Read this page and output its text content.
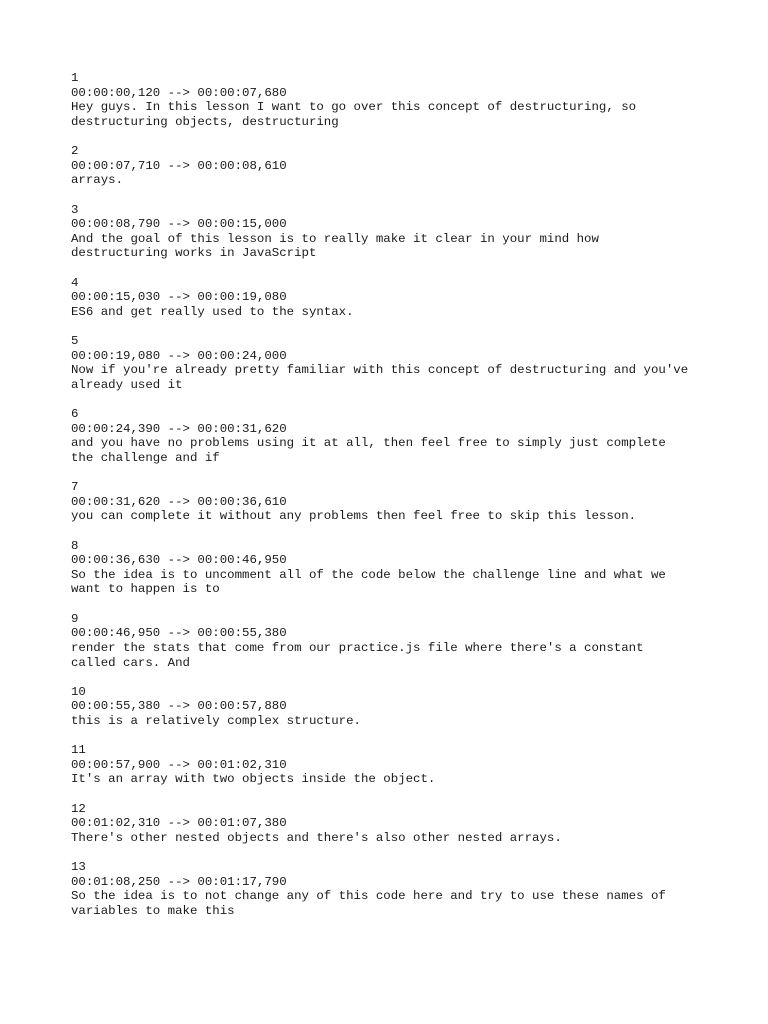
1
00:00:00,120 --> 00:00:07,680
Hey guys. In this lesson I want to go over this concept of destructuring, so
destructuring objects, destructuring
2
00:00:07,710 --> 00:00:08,610
arrays.
3
00:00:08,790 --> 00:00:15,000
And the goal of this lesson is to really make it clear in your mind how
destructuring works in JavaScript
4
00:00:15,030 --> 00:00:19,080
ES6 and get really used to the syntax.
5
00:00:19,080 --> 00:00:24,000
Now if you're already pretty familiar with this concept of destructuring and you've
already used it
6
00:00:24,390 --> 00:00:31,620
and you have no problems using it at all, then feel free to simply just complete
the challenge and if
7
00:00:31,620 --> 00:00:36,610
you can complete it without any problems then feel free to skip this lesson.
8
00:00:36,630 --> 00:00:46,950
So the idea is to uncomment all of the code below the challenge line and what we
want to happen is to
9
00:00:46,950 --> 00:00:55,380
render the stats that come from our practice.js file where there's a constant
called cars. And
10
00:00:55,380 --> 00:00:57,880
this is a relatively complex structure.
11
00:00:57,900 --> 00:01:02,310
It's an array with two objects inside the object.
12
00:01:02,310 --> 00:01:07,380
There's other nested objects and there's also other nested arrays.
13
00:01:08,250 --> 00:01:17,790
So the idea is to not change any of this code here and try to use these names of
variables to make this
